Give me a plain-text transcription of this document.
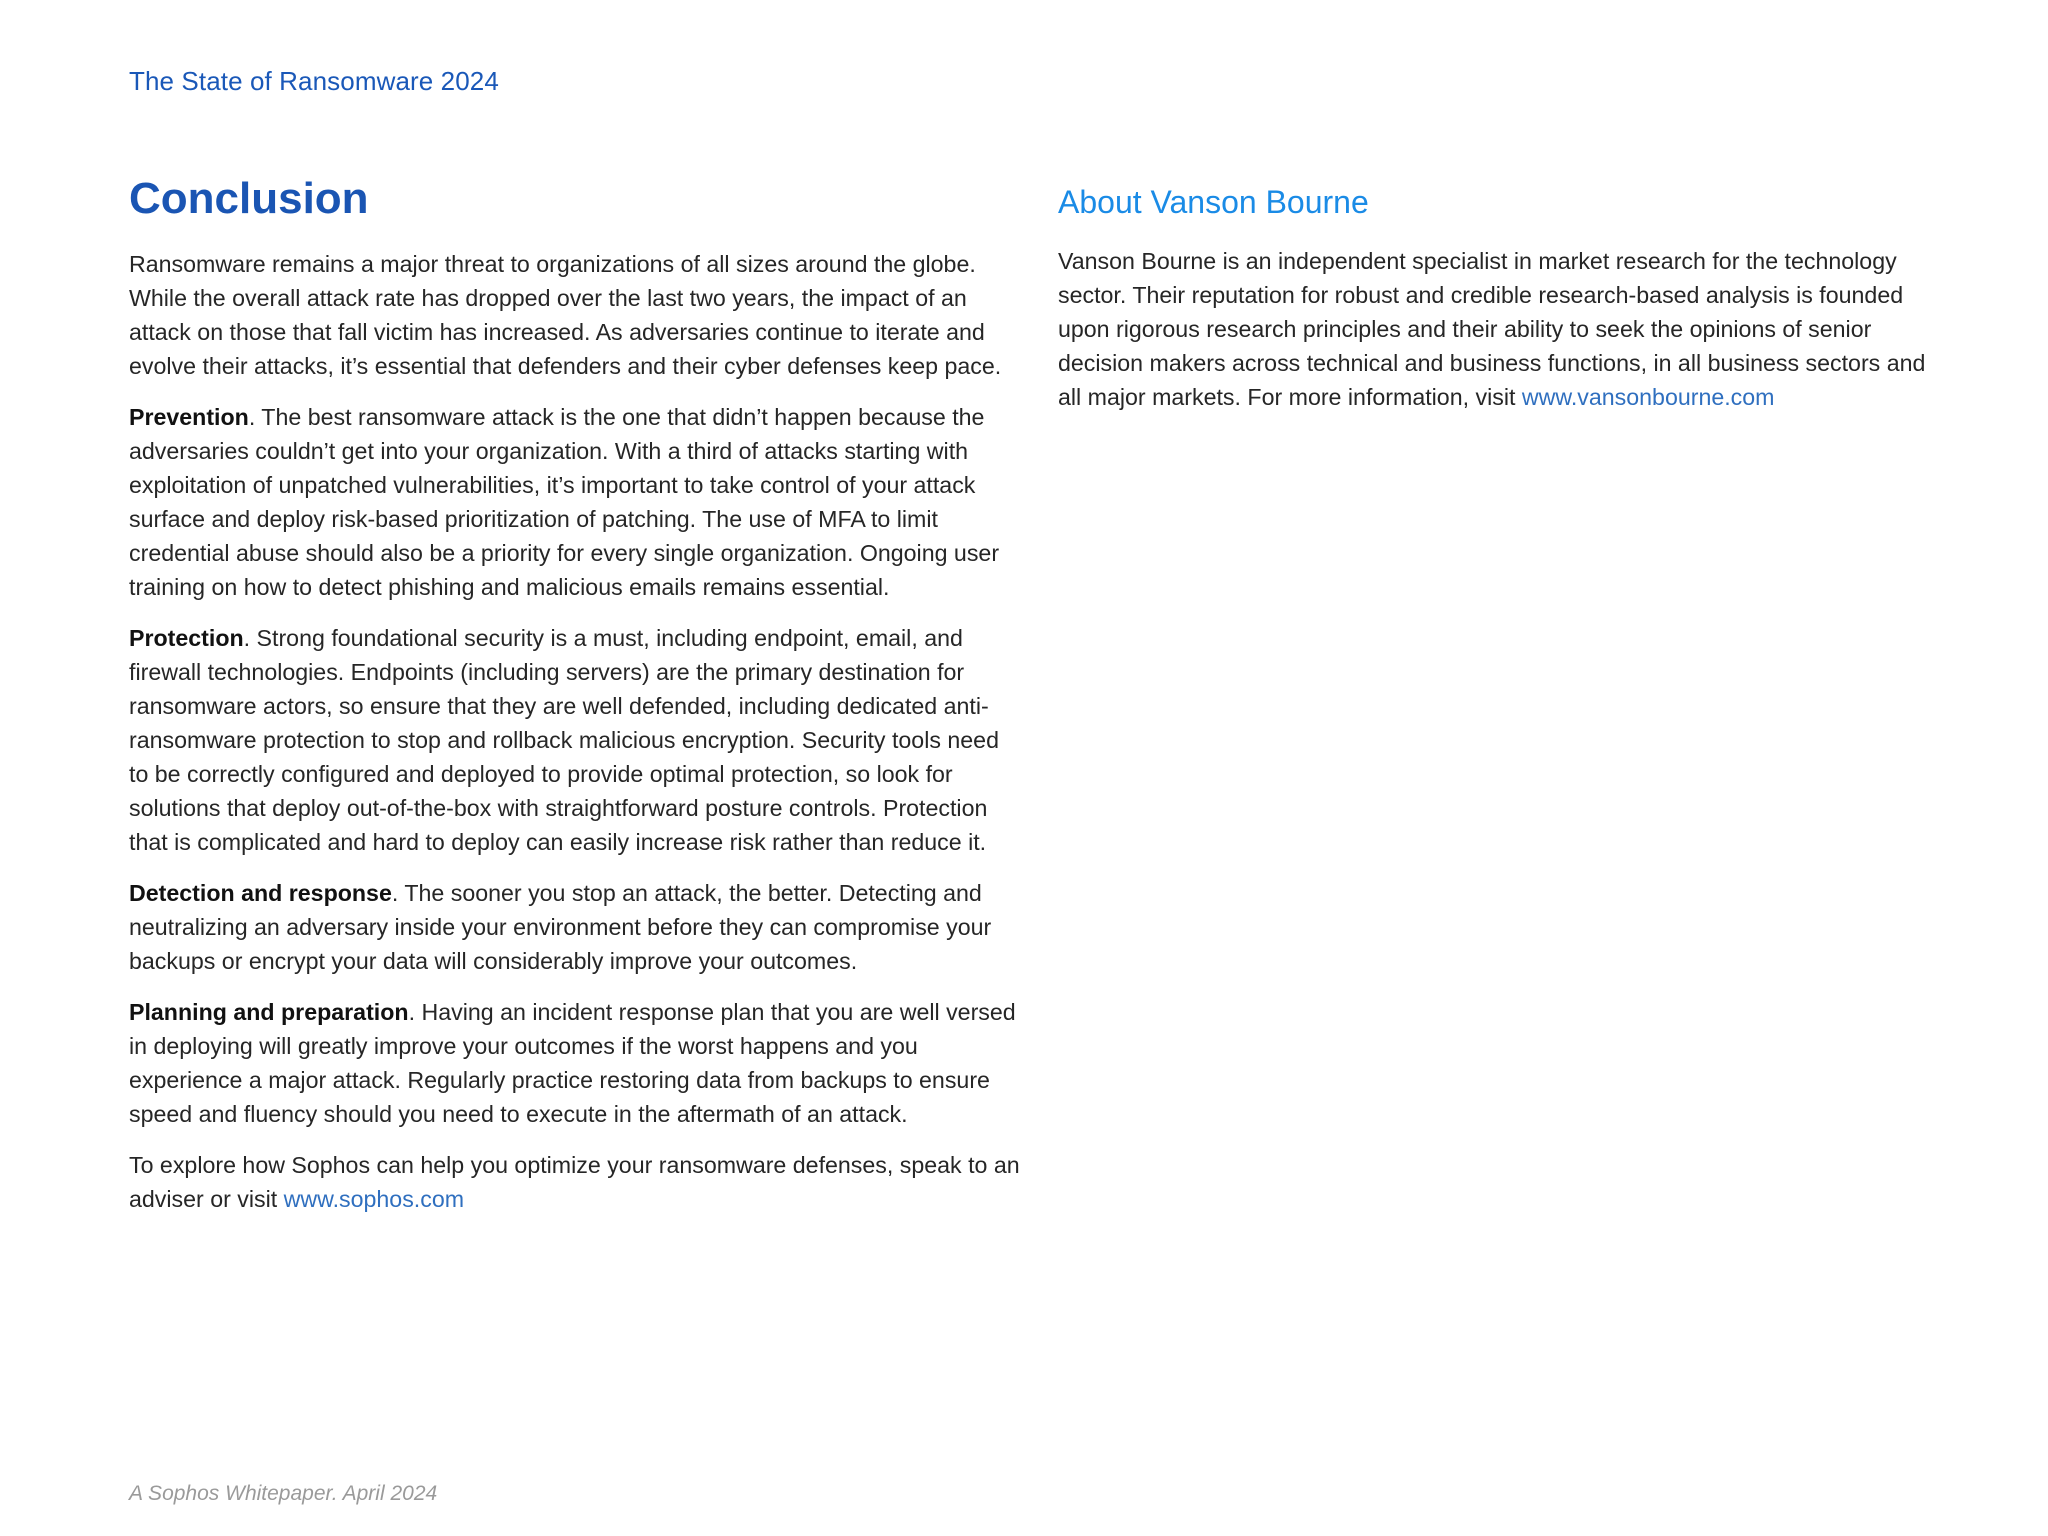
The State of Ransomware 2024
Conclusion

Ransomware remains a major threat to organizations of all sizes around the globe. While the overall attack rate has dropped over the last two years, the impact of an attack on those that fall victim has increased. As adversaries continue to iterate and evolve their attacks, it’s essential that defenders and their cyber defenses keep pace.

Prevention. The best ransomware attack is the one that didn’t happen because the adversaries couldn’t get into your organization. With a third of attacks starting with exploitation of unpatched vulnerabilities, it’s important to take control of your attack surface and deploy risk-based prioritization of patching. The use of MFA to limit credential abuse should also be a priority for every single organization. Ongoing user training on how to detect phishing and malicious emails remains essential.

Protection. Strong foundational security is a must, including endpoint, email, and firewall technologies. Endpoints (including servers) are the primary destination for ransomware actors, so ensure that they are well defended, including dedicated anti-ransomware protection to stop and rollback malicious encryption. Security tools need to be correctly configured and deployed to provide optimal protection, so look for solutions that deploy out-of-the-box with straightforward posture controls. Protection that is complicated and hard to deploy can easily increase risk rather than reduce it.

Detection and response. The sooner you stop an attack, the better. Detecting and neutralizing an adversary inside your environment before they can compromise your backups or encrypt your data will considerably improve your outcomes.

Planning and preparation. Having an incident response plan that you are well versed in deploying will greatly improve your outcomes if the worst happens and you experience a major attack. Regularly practice restoring data from backups to ensure speed and fluency should you need to execute in the aftermath of an attack.

To explore how Sophos can help you optimize your ransomware defenses, speak to an adviser or visit www.sophos.com

About Vanson Bourne

Vanson Bourne is an independent specialist in market research for the technology sector. Their reputation for robust and credible research-based analysis is founded upon rigorous research principles and their ability to seek the opinions of senior decision makers across technical and business functions, in all business sectors and all major markets. For more information, visit www.vansonbourne.com

A Sophos Whitepaper. April 2024
